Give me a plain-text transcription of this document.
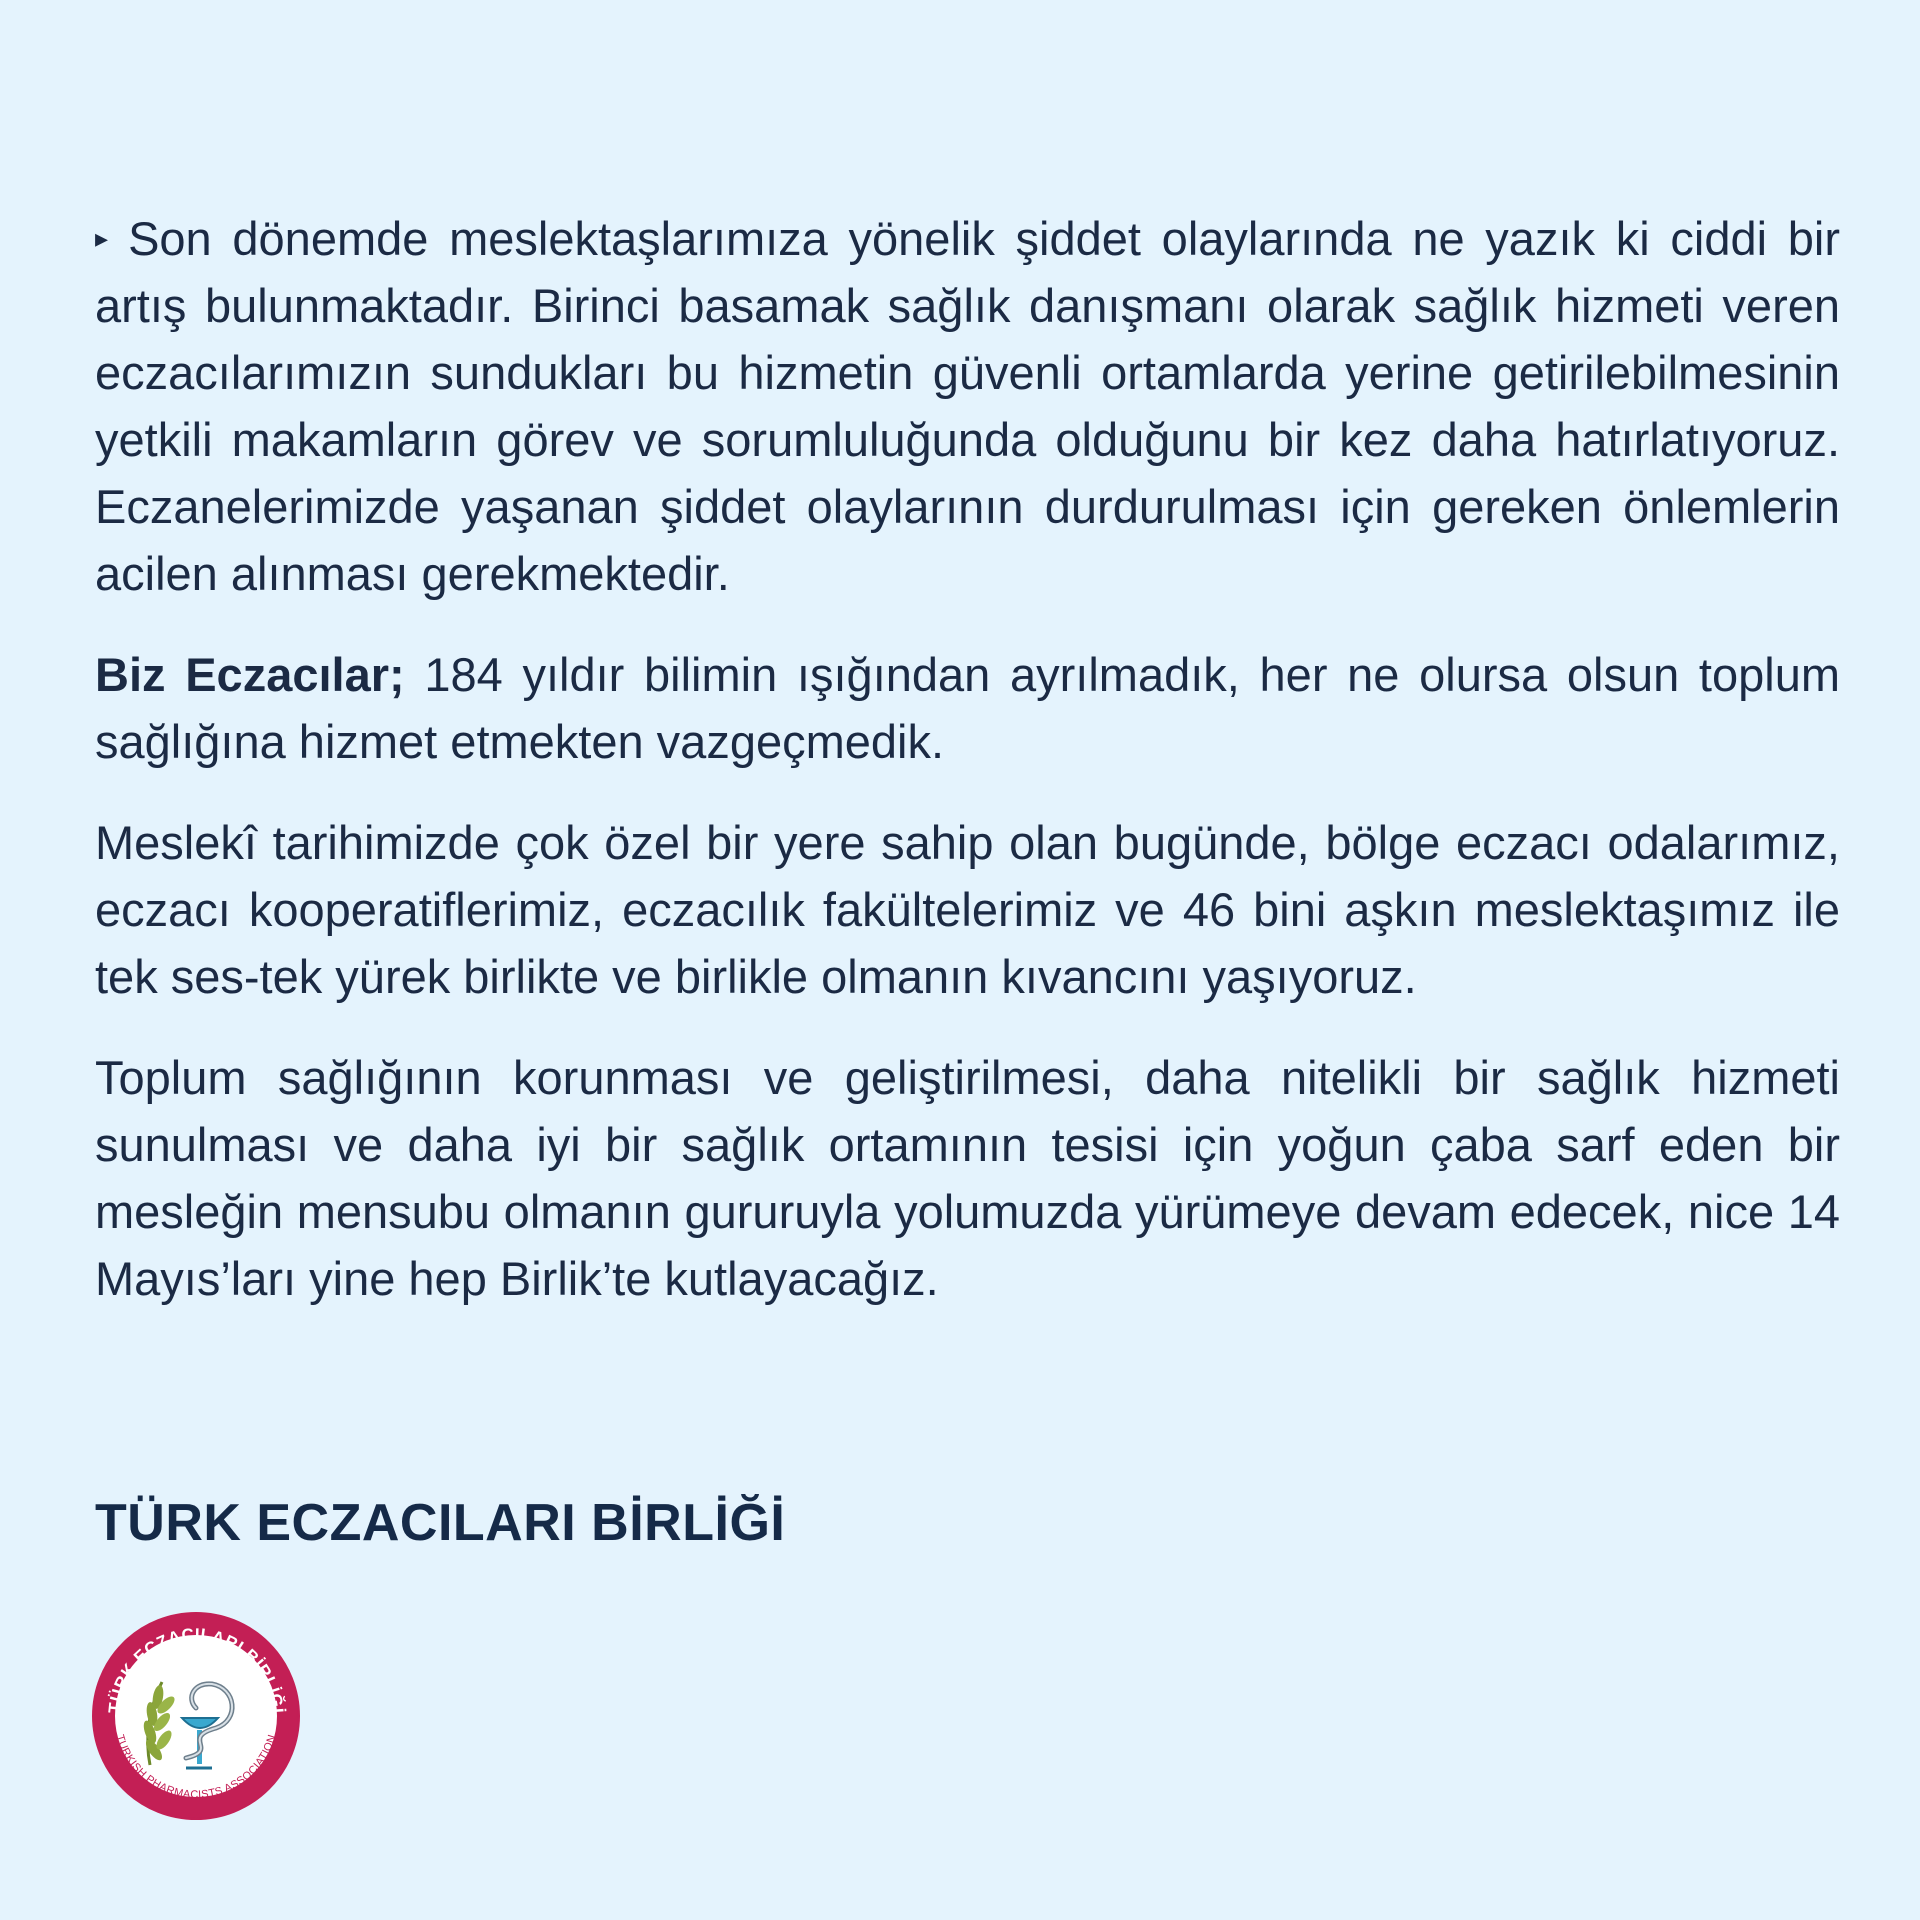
▸ Son dönemde meslektaşlarımıza yönelik şiddet olaylarında ne yazık ki ciddi bir artış bulunmaktadır. Birinci basamak sağlık danışmanı olarak sağlık hizmeti veren eczacılarımızın sundukları bu hizmetin güvenli ortamlarda yerine getirilebilmesinin yetkili makamların görev ve sorumluluğunda olduğunu bir kez daha hatırlatıyoruz. Eczanelerimizde yaşanan şiddet olaylarının durdurulması için gereken önlemlerin acilen alınması gerekmektedir.

Biz Eczacılar; 184 yıldır bilimin ışığından ayrılmadık, her ne olursa olsun toplum sağlığına hizmet etmekten vazgeçmedik.

Meslekî tarihimizde çok özel bir yere sahip olan bugünde, bölge eczacı odalarımız, eczacı kooperatiflerimiz, eczacılık fakültelerimiz ve 46 bini aşkın meslektaşımız ile tek ses-tek yürek birlikte ve birlikle olmanın kıvancını yaşıyoruz.

Toplum sağlığının korunması ve geliştirilmesi, daha nitelikli bir sağlık hizmeti sunulması ve daha iyi bir sağlık ortamının tesisi için yoğun çaba sarf eden bir mesleğin mensubu olmanın gururuyla yolumuzda yürümeye devam edecek, nice 14 Mayıs’ları yine hep Birlik’te kutlayacağız.

TÜRK ECZACILARI BİRLİĞİ
TÜRK ECZACILARI BİRLİĞİ
TURKISH PHARMACISTS ASSOCIATION
